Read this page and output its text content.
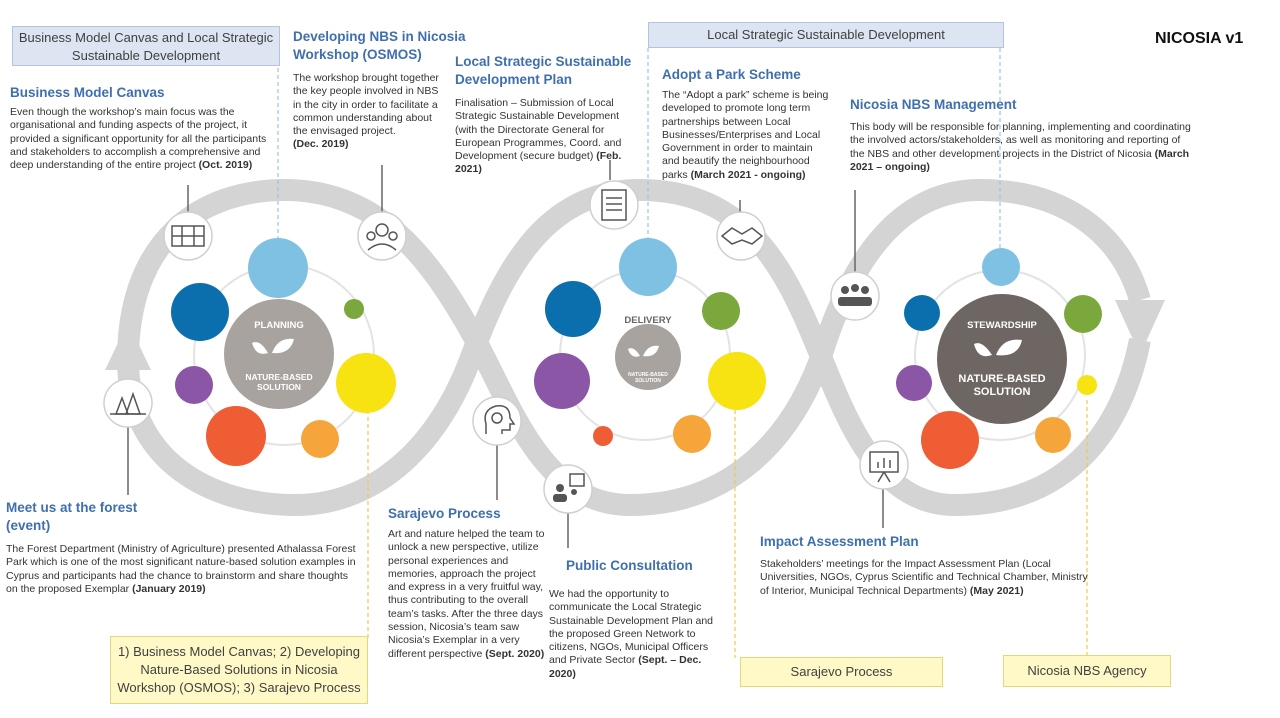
PLANNING
NATURE-BASED SOLUTION
DELIVERY
NATURE-BASED SOLUTION
STEWARDSHIP
NATURE-BASED SOLUTION
NICOSIA v1
Business Model Canvas and Local Strategic Sustainable Development
Local Strategic Sustainable Development
Business Model Canvas
Even though the workshop’s main focus was the organisational and funding aspects of the project, it provided a significant opportunity for all the participants and stakeholders to accomplish a comprehensive and deep understanding of the entire project (Oct. 2019)
Developing NBS in Nicosia Workshop (OSMOS)
The workshop brought together the key people involved in NBS in the city in order to facilitate a common understanding about the envisaged project.
(Dec. 2019)
Local Strategic Sustainable Development Plan
Finalisation – Submission of Local Strategic Sustainable Development (with the Directorate General for European Programmes, Coord. and Development (secure budget) (Feb. 2021)
Adopt a Park Scheme
The “Adopt a park” scheme is being developed to promote long term partnerships between Local Businesses/Enterprises and Local Government in order to maintain and beautify the neighbourhood parks (March 2021 - ongoing)
Nicosia NBS Management
This body will be responsible for planning, implementing and coordinating the involved actors/stakeholders, as well as monitoring and reporting of the NBS and other development projects in the District of Nicosia (March 2021 – ongoing)
Meet us at the forest (event)
The Forest Department (Ministry of Agriculture) presented Athalassa Forest Park which is one of the most significant nature-based solution examples in Cyprus and participants had the chance to brainstorm and share thoughts on the proposed Exemplar (January 2019)
Sarajevo Process
Art and nature helped the team to unlock a new perspective, utilize personal experiences and memories, approach the project and express in a very fruitful way, thus contributing to the overall team’s tasks. After the three days session, Nicosia’s team saw Nicosia’s Exemplar in a very different perspective (Sept. 2020)
Public Consultation
We had the opportunity to communicate the Local Strategic Sustainable Development Plan and the proposed Green Network to citizens, NGOs, Municipal Officers and Private Sector (Sept. – Dec. 2020)
Impact Assessment Plan
Stakeholders’ meetings for the Impact Assessment Plan (Local Universities, NGOs, Cyprus Scientific and Technical Chamber, Ministry of Interior, Municipal Technical Departments) (May 2021)
1) Business Model Canvas; 2) Developing Nature-Based Solutions in Nicosia Workshop (OSMOS); 3) Sarajevo Process
Sarajevo Process	Nicosia NBS Agency
